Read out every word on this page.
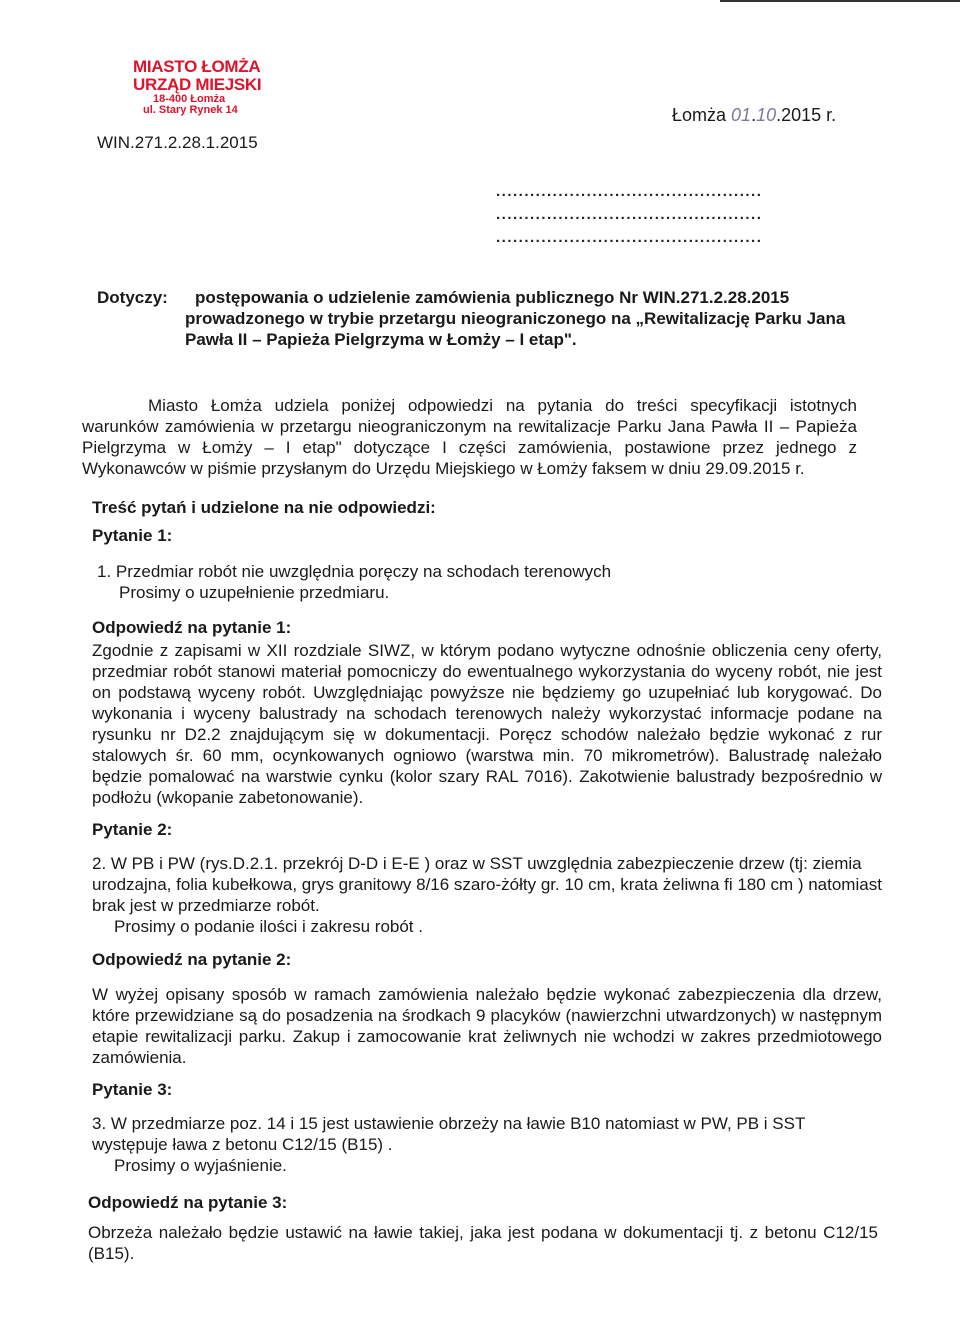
MIASTO ŁOMŻA
URZĄD MIEJSKI
18-400 Łomża
ul. Stary Rynek 14
WIN.271.2.28.1.2015
Łomża 01.10.2015 r.
...............................................
...............................................
...............................................
Dotyczy: postępowania o udzielenie zamówienia publicznego Nr WIN.271.2.28.2015
prowadzonego w trybie przetargu nieograniczonego na „Rewitalizację Parku Jana
Pawła II – Papieża Pielgrzyma w Łomży – I etap".
Miasto Łomża udziela poniżej odpowiedzi na pytania do treści specyfikacji istotnych warunków zamówienia w przetargu nieograniczonym na rewitalizacje Parku Jana Pawła II – Papieża Pielgrzyma w Łomży – I etap" dotyczące I części zamówienia, postawione przez jednego z Wykonawców w piśmie przysłanym do Urzędu Miejskiego w Łomży faksem w dniu 29.09.2015 r.
Treść pytań i udzielone na nie odpowiedzi:
Pytanie 1:
1. Przedmiar robót nie uwzględnia poręczy na schodach terenowych
Prosimy o uzupełnienie przedmiaru.
Odpowiedź na pytanie 1:
Zgodnie z zapisami w XII rozdziale SIWZ, w którym podano wytyczne odnośnie obliczenia ceny oferty, przedmiar robót stanowi materiał pomocniczy do ewentualnego wykorzystania do wyceny robót, nie jest on podstawą wyceny robót. Uwzględniając powyższe nie będziemy go uzupełniać lub korygować. Do wykonania i wyceny balustrady na schodach terenowych należy wykorzystać informacje podane na rysunku nr D2.2 znajdującym się w dokumentacji. Poręcz schodów należało będzie wykonać z rur stalowych śr. 60 mm, ocynkowanych ogniowo (warstwa min. 70 mikrometrów). Balustradę należało będzie pomalować na warstwie cynku (kolor szary RAL 7016). Zakotwienie balustrady bezpośrednio w podłożu (wkopanie zabetonowanie).
Pytanie 2:
2. W PB i PW (rys.D.2.1. przekrój D-D i E-E ) oraz w SST uwzględnia zabezpieczenie drzew (tj: ziemia urodzajna, folia kubełkowa, grys granitowy 8/16 szaro-żółty gr. 10 cm, krata żeliwna fi 180 cm ) natomiast brak jest w przedmiarze robót.
Prosimy o podanie ilości i zakresu robót .
Odpowiedź na pytanie 2:
W wyżej opisany sposób w ramach zamówienia należało będzie wykonać zabezpieczenia dla drzew, które przewidziane są do posadzenia na środkach 9 placyków (nawierzchni utwardzonych) w następnym etapie rewitalizacji parku. Zakup i zamocowanie krat żeliwnych nie wchodzi w zakres przedmiotowego zamówienia.
Pytanie 3:
3. W przedmiarze poz. 14 i 15 jest ustawienie obrzeży na ławie B10 natomiast w PW, PB i SST występuje ława z betonu C12/15 (B15) .
Prosimy o wyjaśnienie.
Odpowiedź na pytanie 3:
Obrzeża należało będzie ustawić na ławie takiej, jaka jest podana w dokumentacji tj. z betonu C12/15 (B15).
